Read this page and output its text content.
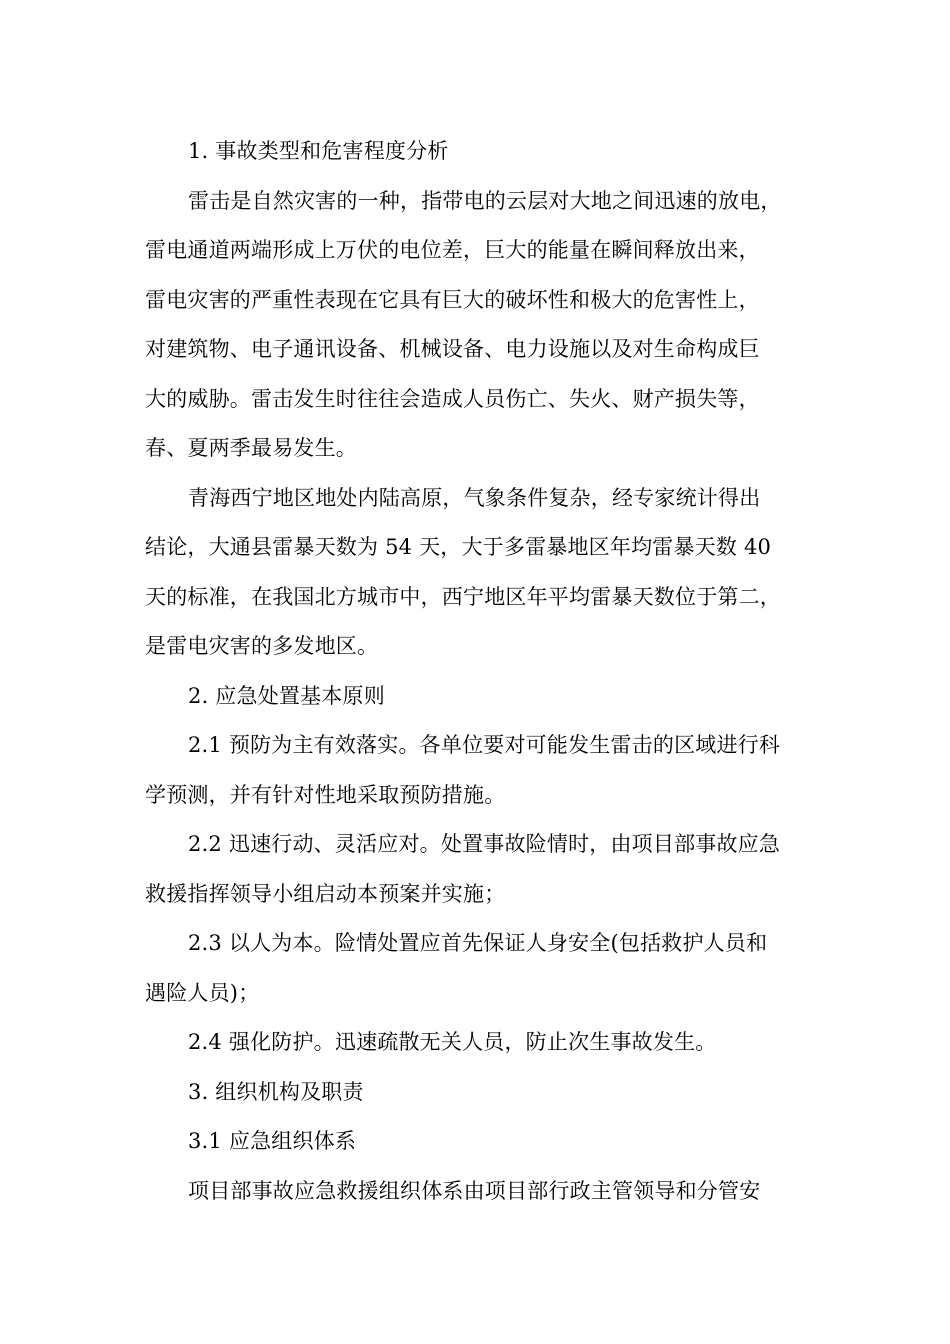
1. 事故类型和危害程度分析
雷击是自然灾害的一种，指带电的云层对大地之间迅速的放电，
雷电通道两端形成上万伏的电位差，巨大的能量在瞬间释放出来，
雷电灾害的严重性表现在它具有巨大的破坏性和极大的危害性上，
对建筑物、电子通讯设备、机械设备、电力设施以及对生命构成巨
大的威胁。雷击发生时往往会造成人员伤亡、失火、财产损失等，
春、夏两季最易发生。
青海西宁地区地处内陆高原，气象条件复杂，经专家统计得出
结论，大通县雷暴天数为 54 天，大于多雷暴地区年均雷暴天数 40
天的标准，在我国北方城市中，西宁地区年平均雷暴天数位于第二，
是雷电灾害的多发地区。
2. 应急处置基本原则
2.1 预防为主有效落实。各单位要对可能发生雷击的区域进行科
学预测，并有针对性地采取预防措施。
2.2 迅速行动、灵活应对。处置事故险情时，由项目部事故应急
救援指挥领导小组启动本预案并实施；
2.3 以人为本。险情处置应首先保证人身安全(包括救护人员和
遇险人员)；
2.4 强化防护。迅速疏散无关人员，防止次生事故发生。
3. 组织机构及职责
3.1 应急组织体系
项目部事故应急救援组织体系由项目部行政主管领导和分管安
